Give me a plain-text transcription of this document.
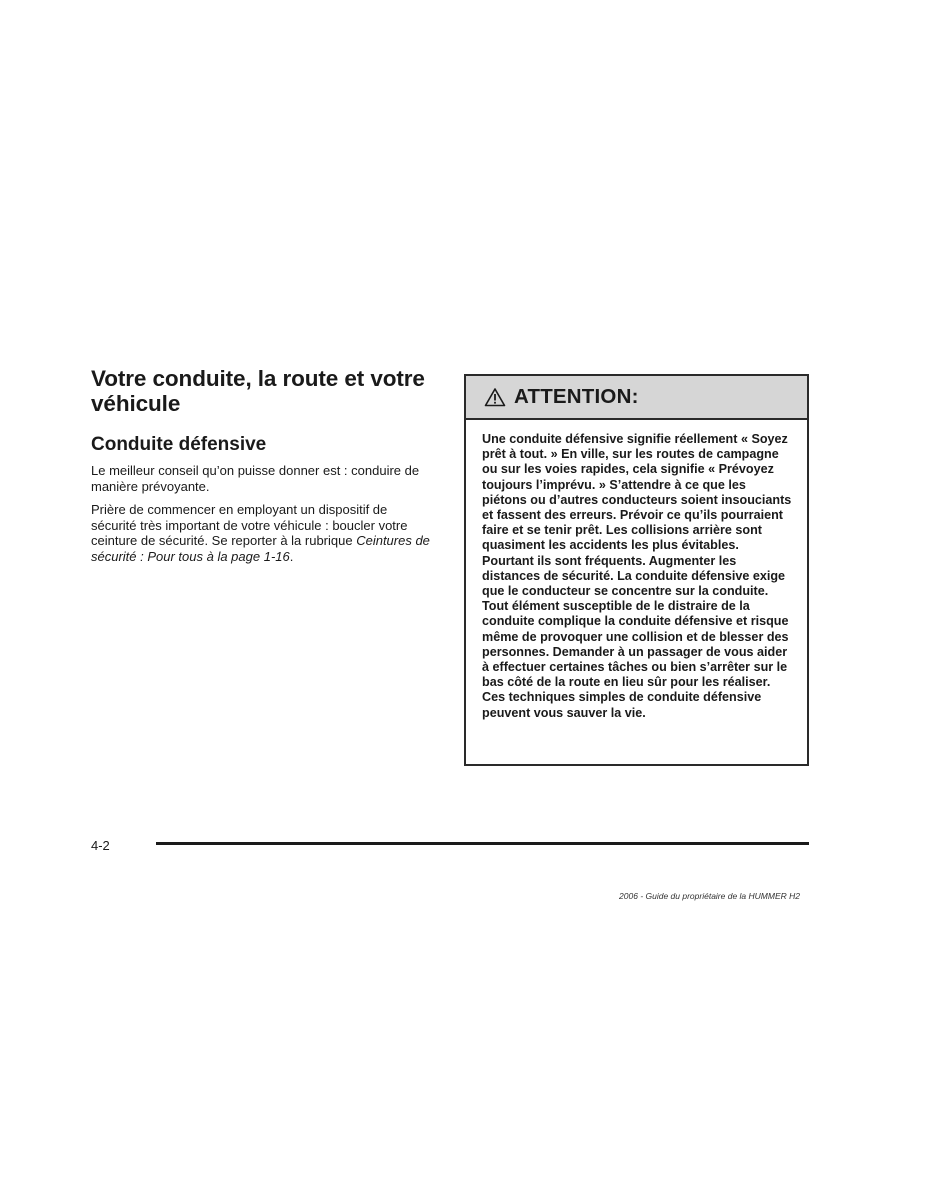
Votre conduite, la route et votre véhicule
Conduite défensive

Le meilleur conseil qu’on puisse donner est : conduire de manière prévoyante.

Prière de commencer en employant un dispositif de sécurité très important de votre véhicule : boucler votre ceinture de sécurité. Se reporter à la rubrique Ceintures de sécurité : Pour tous à la page 1-16.

ATTENTION:
Une conduite défensive signifie réellement « Soyez prêt à tout. » En ville, sur les routes de campagne ou sur les voies rapides, cela signifie « Prévoyez toujours l’imprévu. » S’attendre à ce que les piétons ou d’autres conducteurs soient insouciants et fassent des erreurs. Prévoir ce qu’ils pourraient faire et se tenir prêt. Les collisions arrière sont quasiment les accidents les plus évitables. Pourtant ils sont fréquents. Augmenter les distances de sécurité. La conduite défensive exige que le conducteur se concentre sur la conduite. Tout élément susceptible de le distraire de la conduite complique la conduite défensive et risque même de provoquer une collision et de blesser des personnes. Demander à un passager de vous aider à effectuer certaines tâches ou bien s’arrêter sur le bas côté de la route en lieu sûr pour les réaliser. Ces techniques simples de conduite défensive peuvent vous sauver la vie.
4-2
2006 - Guide du propriétaire de la HUMMER H2
